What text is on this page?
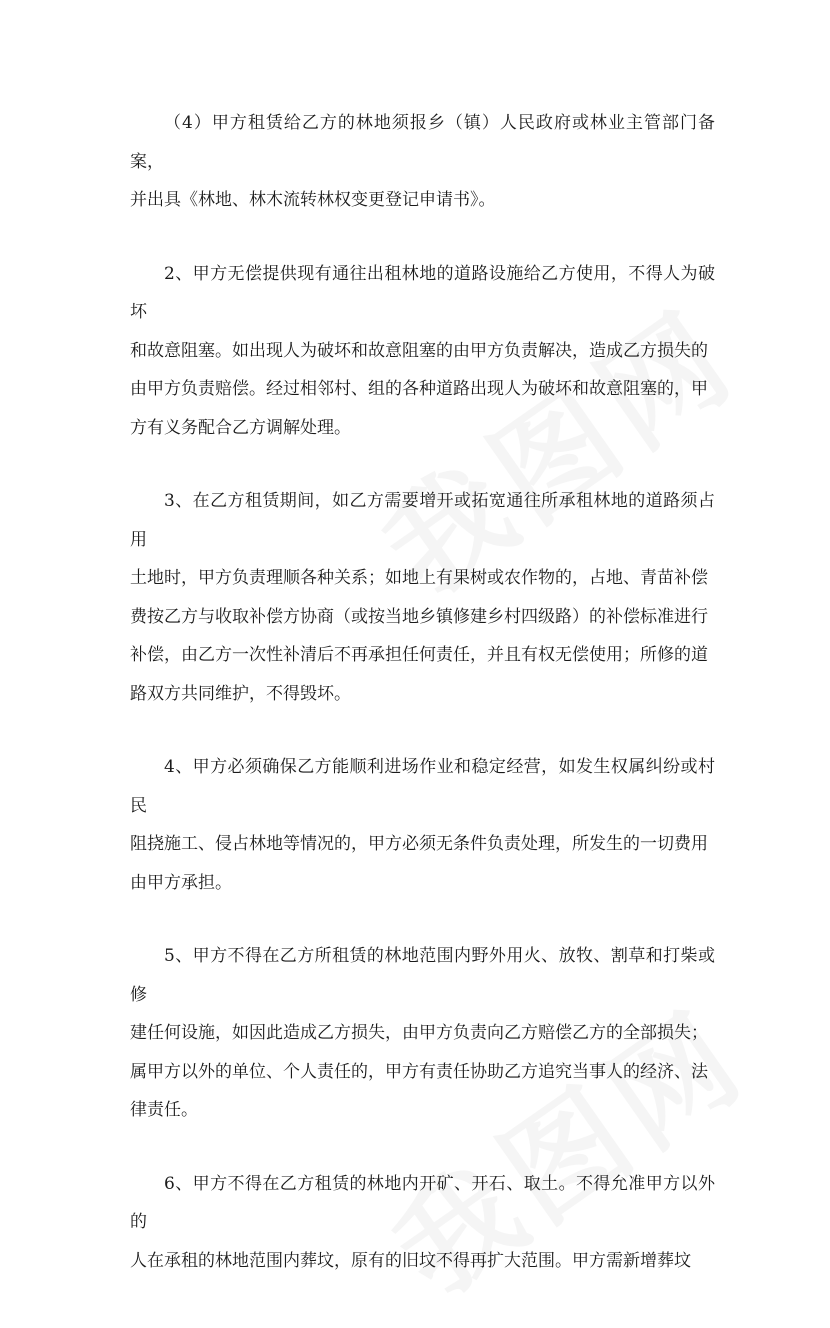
（4）甲方租赁给乙方的林地须报乡（镇）人民政府或林业主管部门备案，
并出具《林地、林木流转林权变更登记申请书》。

2、甲方无偿提供现有通往出租林地的道路设施给乙方使用，不得人为破坏
和故意阻塞。如出现人为破坏和故意阻塞的由甲方负责解决，造成乙方损失的
由甲方负责赔偿。经过相邻村、组的各种道路出现人为破坏和故意阻塞的，甲
方有义务配合乙方调解处理。

3、在乙方租赁期间，如乙方需要增开或拓宽通往所承租林地的道路须占用
土地时，甲方负责理顺各种关系；如地上有果树或农作物的，占地、青苗补偿
费按乙方与收取补偿方协商（或按当地乡镇修建乡村四级路）的补偿标准进行
补偿，由乙方一次性补清后不再承担任何责任，并且有权无偿使用；所修的道
路双方共同维护，不得毁坏。

4、甲方必须确保乙方能顺利进场作业和稳定经营，如发生权属纠纷或村民
阻挠施工、侵占林地等情况的，甲方必须无条件负责处理，所发生的一切费用
由甲方承担。

5、甲方不得在乙方所租赁的林地范围内野外用火、放牧、割草和打柴或修
建任何设施，如因此造成乙方损失，由甲方负责向乙方赔偿乙方的全部损失；
属甲方以外的单位、个人责任的，甲方有责任协助乙方追究当事人的经济、法
律责任。

6、甲方不得在乙方租赁的林地内开矿、开石、取土。不得允准甲方以外的
人在承租的林地范围内葬坟，原有的旧坟不得再扩大范围。甲方需新增葬坟
